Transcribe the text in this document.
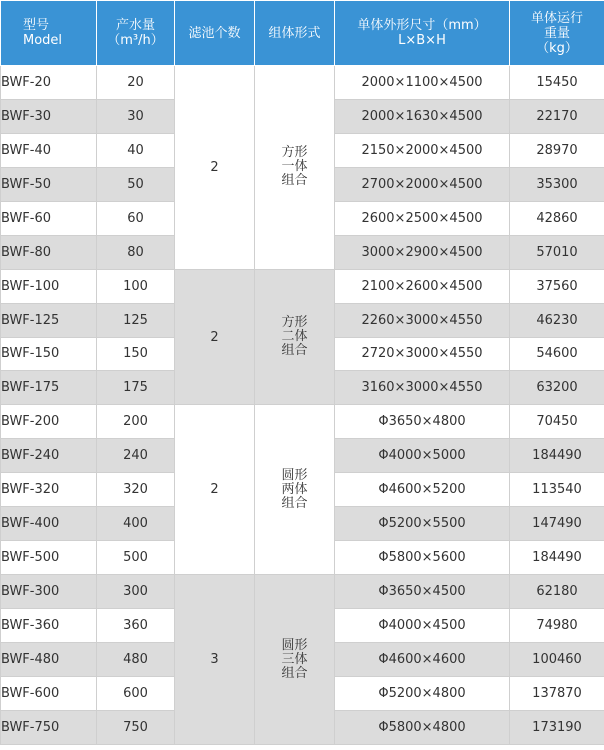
型号
Model	产水量
（m³/h）	滤池个数	组体形式	单体外形尺寸（mm）
L×B×H	单体运行
重量
（kg）

BWF-20	20	2	方形
一体
组合	2000×1100×4500	15450
BWF-30	30			2000×1630×4500	22170
BWF-40	40			2150×2000×4500	28970
BWF-50	50			2700×2000×4500	35300
BWF-60	60			2600×2500×4500	42860
BWF-80	80			3000×2900×4500	57010
BWF-100	100	2	方形
二体
组合	2100×2600×4500	37560
BWF-125	125			2260×3000×4550	46230
BWF-150	150			2720×3000×4550	54600
BWF-175	175			3160×3000×4550	63200
BWF-200	200	2	圆形
两体
组合	Φ3650×4800	70450
BWF-240	240			Φ4000×5000	184490
BWF-320	320			Φ4600×5200	113540
BWF-400	400			Φ5200×5500	147490
BWF-500	500			Φ5800×5600	184490
BWF-300	300	3	圆形
三体
组合	Φ3650×4500	62180
BWF-360	360			Φ4000×4500	74980
BWF-480	480			Φ4600×4600	100460
BWF-600	600			Φ5200×4800	137870
BWF-750	750			Φ5800×4800	173190
